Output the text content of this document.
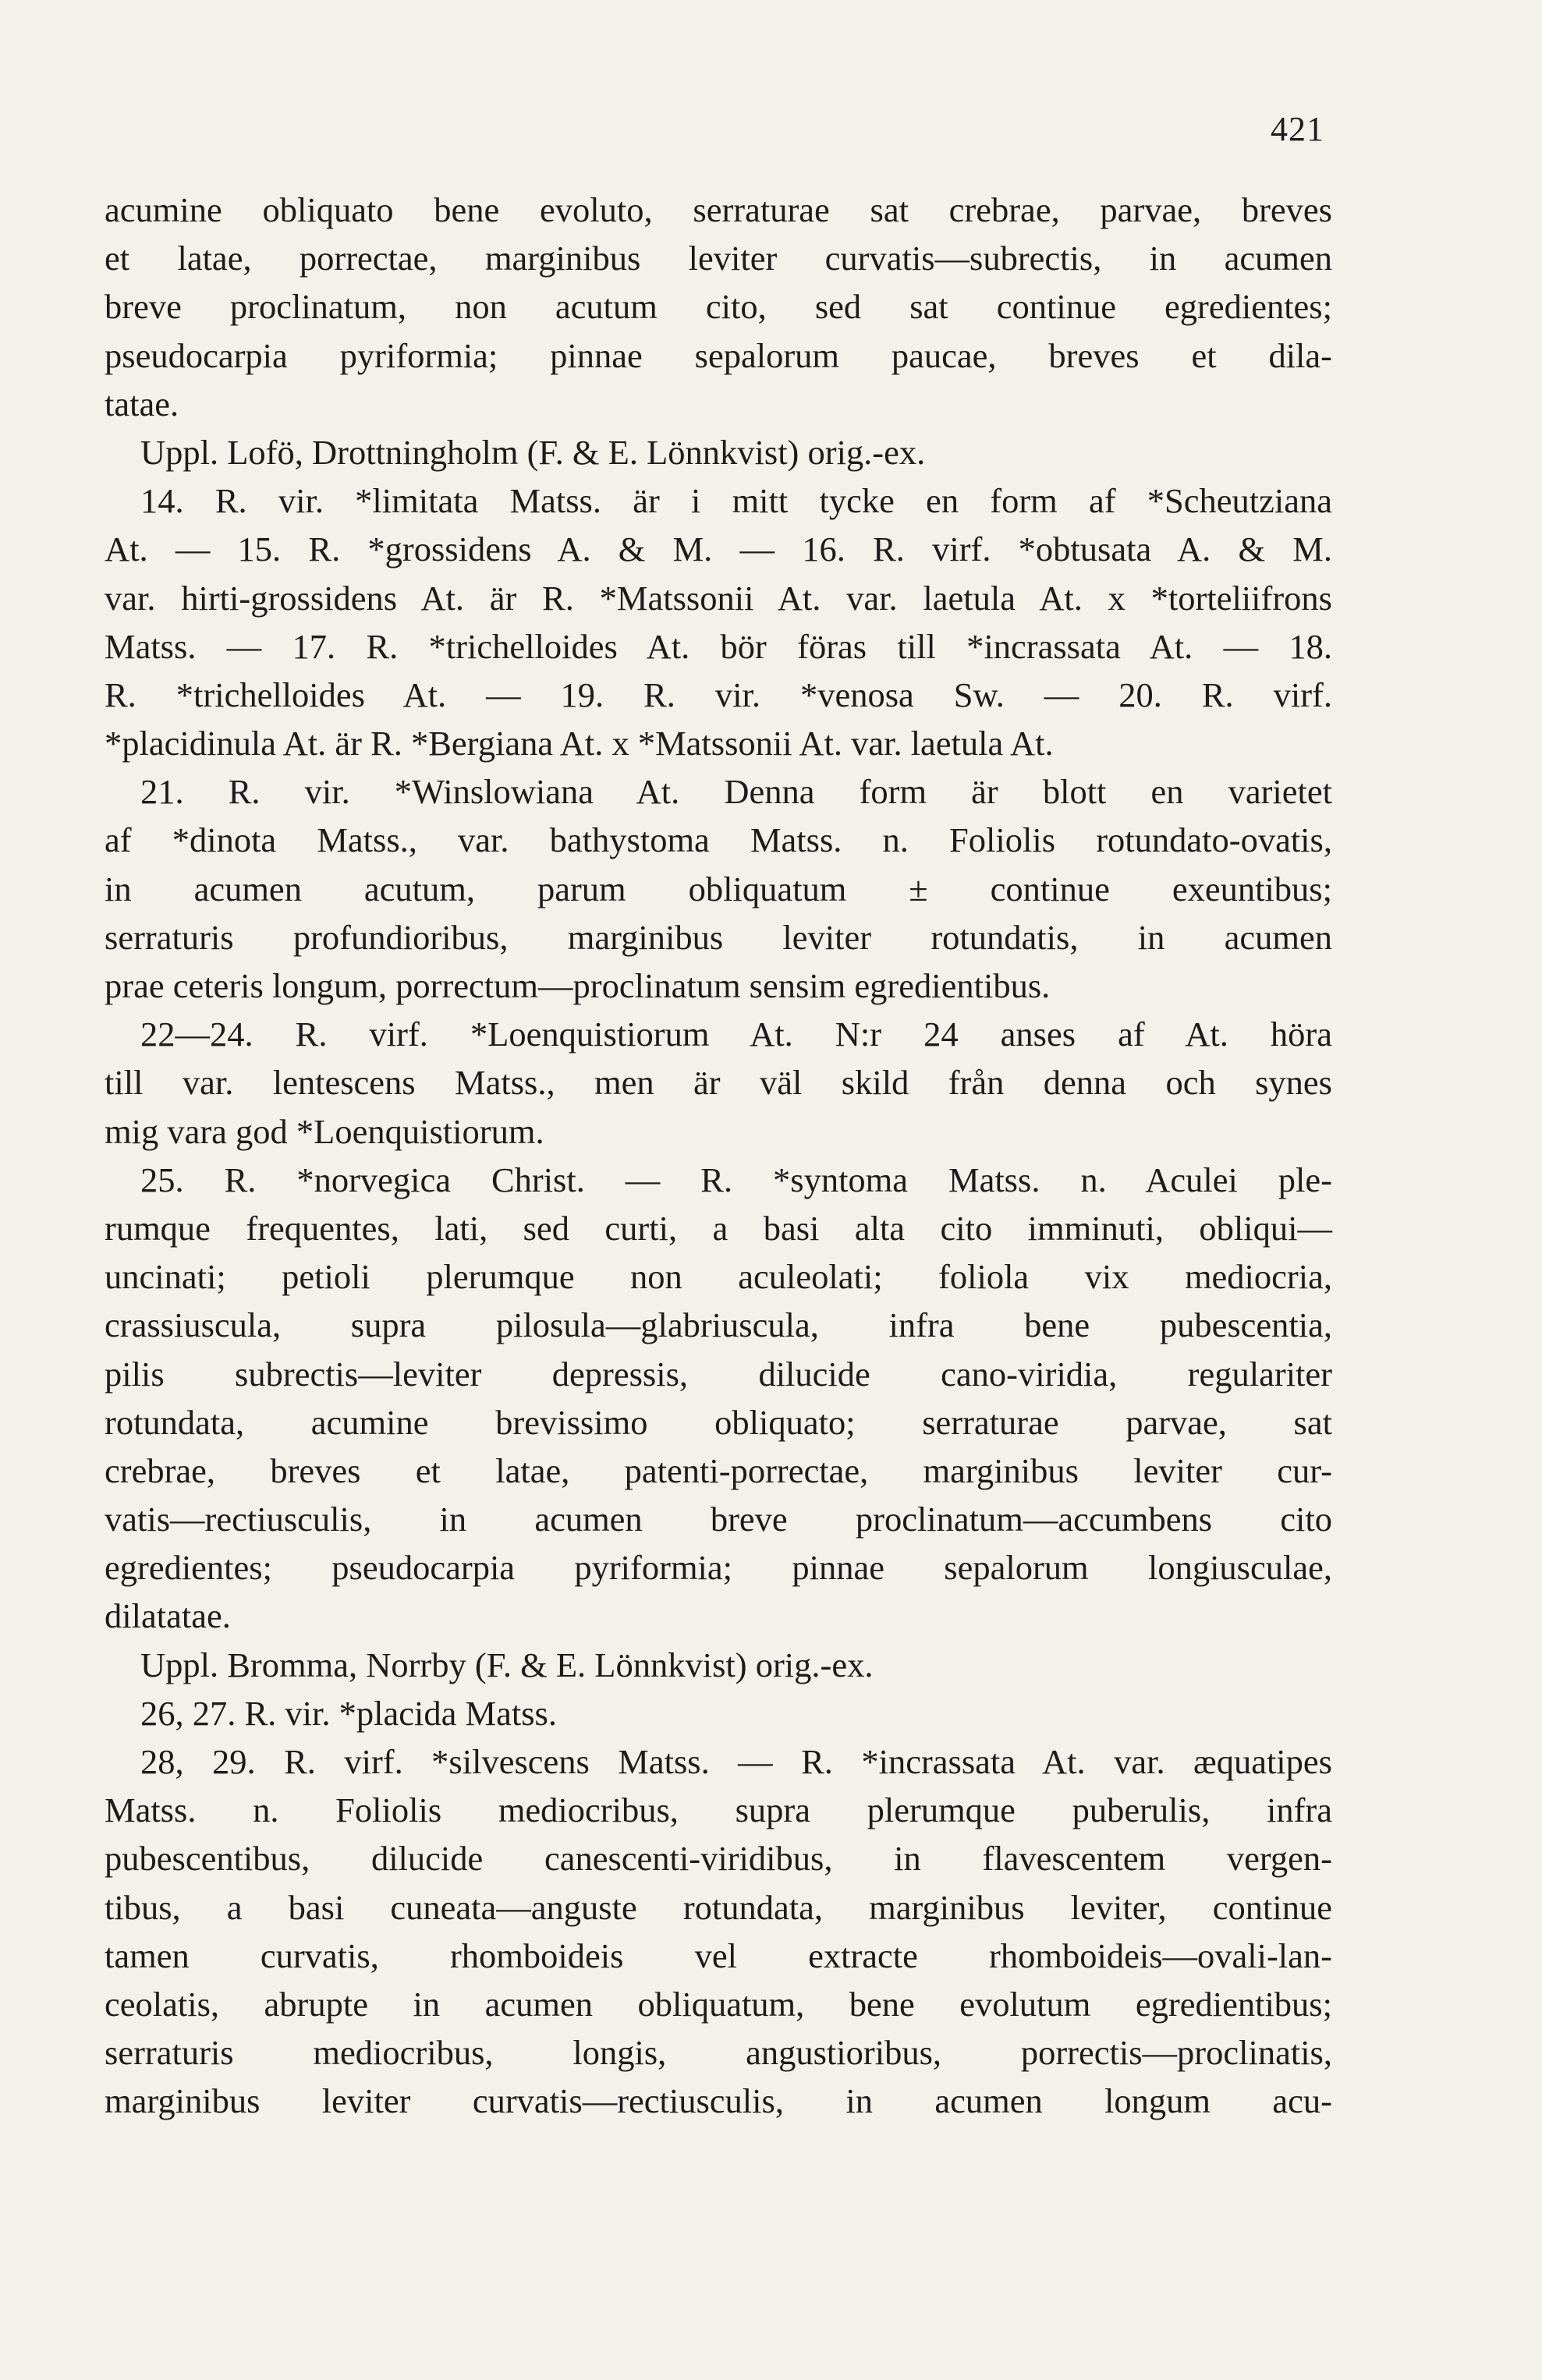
421
acumine obliquato bene evoluto, serraturae sat crebrae, parvae, breves
et latae, porrectae, marginibus leviter curvatis—subrectis, in acumen
breve proclinatum, non acutum cito, sed sat continue egredientes;
pseudocarpia pyriformia; pinnae sepalorum paucae, breves et dila-
tatae.
Uppl. Lofö, Drottningholm (F. & E. Lönnkvist) orig.-ex.
14. R. vir. *limitata Matss. är i mitt tycke en form af *Scheutziana
At. — 15. R. *grossidens A. & M. — 16. R. virf. *obtusata A. & M.
var. hirti-grossidens At. är R. *Matssonii At. var. laetula At. x *torteliifrons
Matss. — 17. R. *trichelloides At. bör föras till *incrassata At. — 18.
R. *trichelloides At. — 19. R. vir. *venosa Sw. — 20. R. virf.
*placidinula At. är R. *Bergiana At. x *Matssonii At. var. laetula At.
21. R. vir. *Winslowiana At. Denna form är blott en varietet
af *dinota Matss., var. bathystoma Matss. n. Foliolis rotundato-ovatis,
in acumen acutum, parum obliquatum ± continue exeuntibus;
serraturis profundioribus, marginibus leviter rotundatis, in acumen
prae ceteris longum, porrectum—proclinatum sensim egredientibus.
22—24. R. virf. *Loenquistiorum At. N:r 24 anses af At. höra
till var. lentescens Matss., men är väl skild från denna och synes
mig vara god *Loenquistiorum.
25. R. *norvegica Christ. — R. *syntoma Matss. n. Aculei ple-
rumque frequentes, lati, sed curti, a basi alta cito imminuti, obliqui—
uncinati; petioli plerumque non aculeolati; foliola vix mediocria,
crassiuscula, supra pilosula—glabriuscula, infra bene pubescentia,
pilis subrectis—leviter depressis, dilucide cano-viridia, regulariter
rotundata, acumine brevissimo obliquato; serraturae parvae, sat
crebrae, breves et latae, patenti-porrectae, marginibus leviter cur-
vatis—rectiusculis, in acumen breve proclinatum—accumbens cito
egredientes; pseudocarpia pyriformia; pinnae sepalorum longiusculae,
dilatatae.
Uppl. Bromma, Norrby (F. & E. Lönnkvist) orig.-ex.
26, 27. R. vir. *placida Matss.
28, 29. R. virf. *silvescens Matss. — R. *incrassata At. var. æquatipes
Matss. n. Foliolis mediocribus, supra plerumque puberulis, infra
pubescentibus, dilucide canescenti-viridibus, in flavescentem vergen-
tibus, a basi cuneata—anguste rotundata, marginibus leviter, continue
tamen curvatis, rhomboideis vel extracte rhomboideis—ovali-lan-
ceolatis, abrupte in acumen obliquatum, bene evolutum egredientibus;
serraturis mediocribus, longis, angustioribus, porrectis—proclinatis,
marginibus leviter curvatis—rectiusculis, in acumen longum acu-
